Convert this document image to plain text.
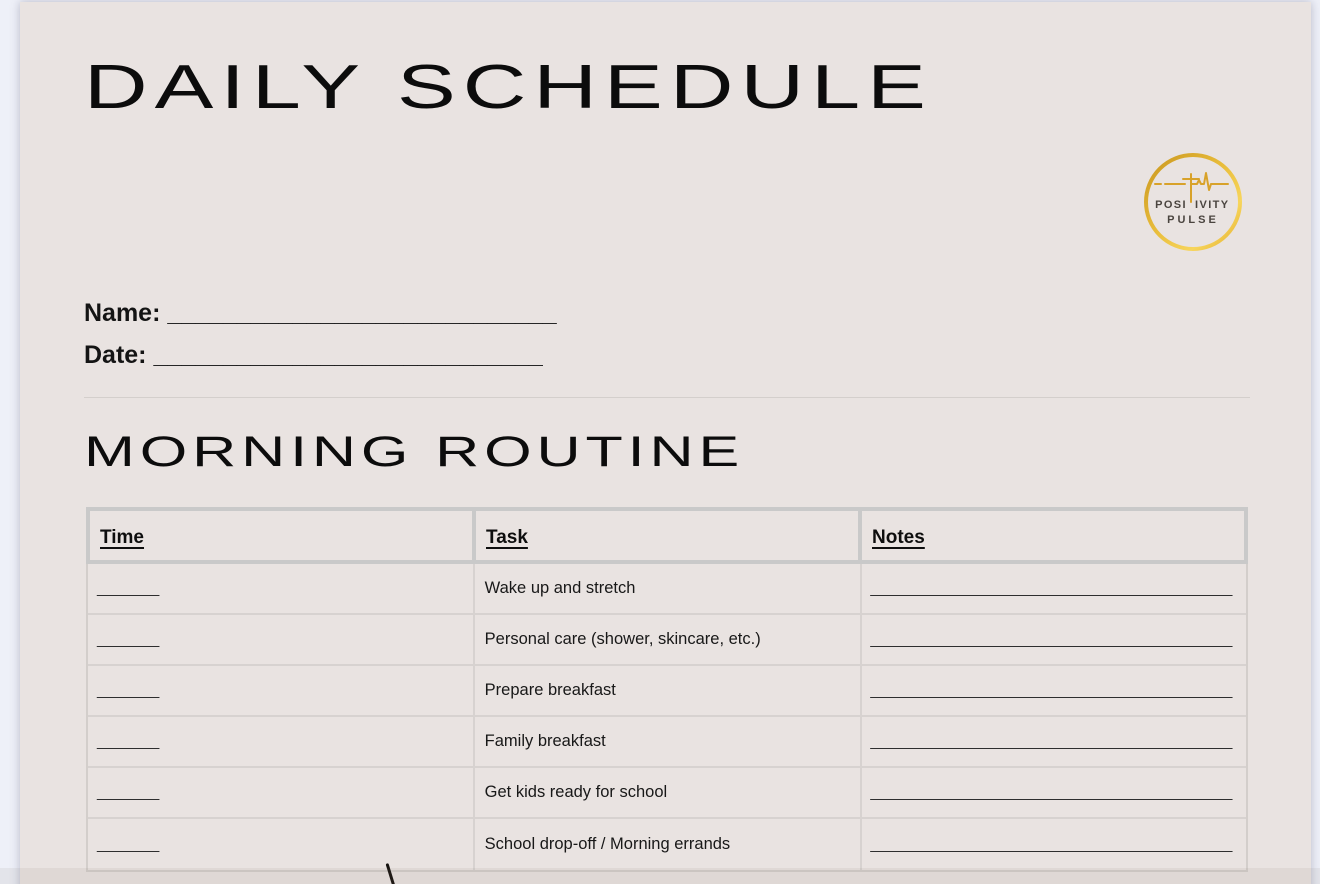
DAILY SCHEDULE
POSI IVITY
PULSE
Name: ____________________________
Date: ____________________________
MORNING ROUTINE
Time	Task	Notes
_______	Wake up and stretch	__________________________________________
_______	Personal care (shower, skincare, etc.)	__________________________________________
_______	Prepare breakfast	__________________________________________
_______	Family breakfast	__________________________________________
_______	Get kids ready for school	__________________________________________
_______	School drop-off / Morning errands	__________________________________________
